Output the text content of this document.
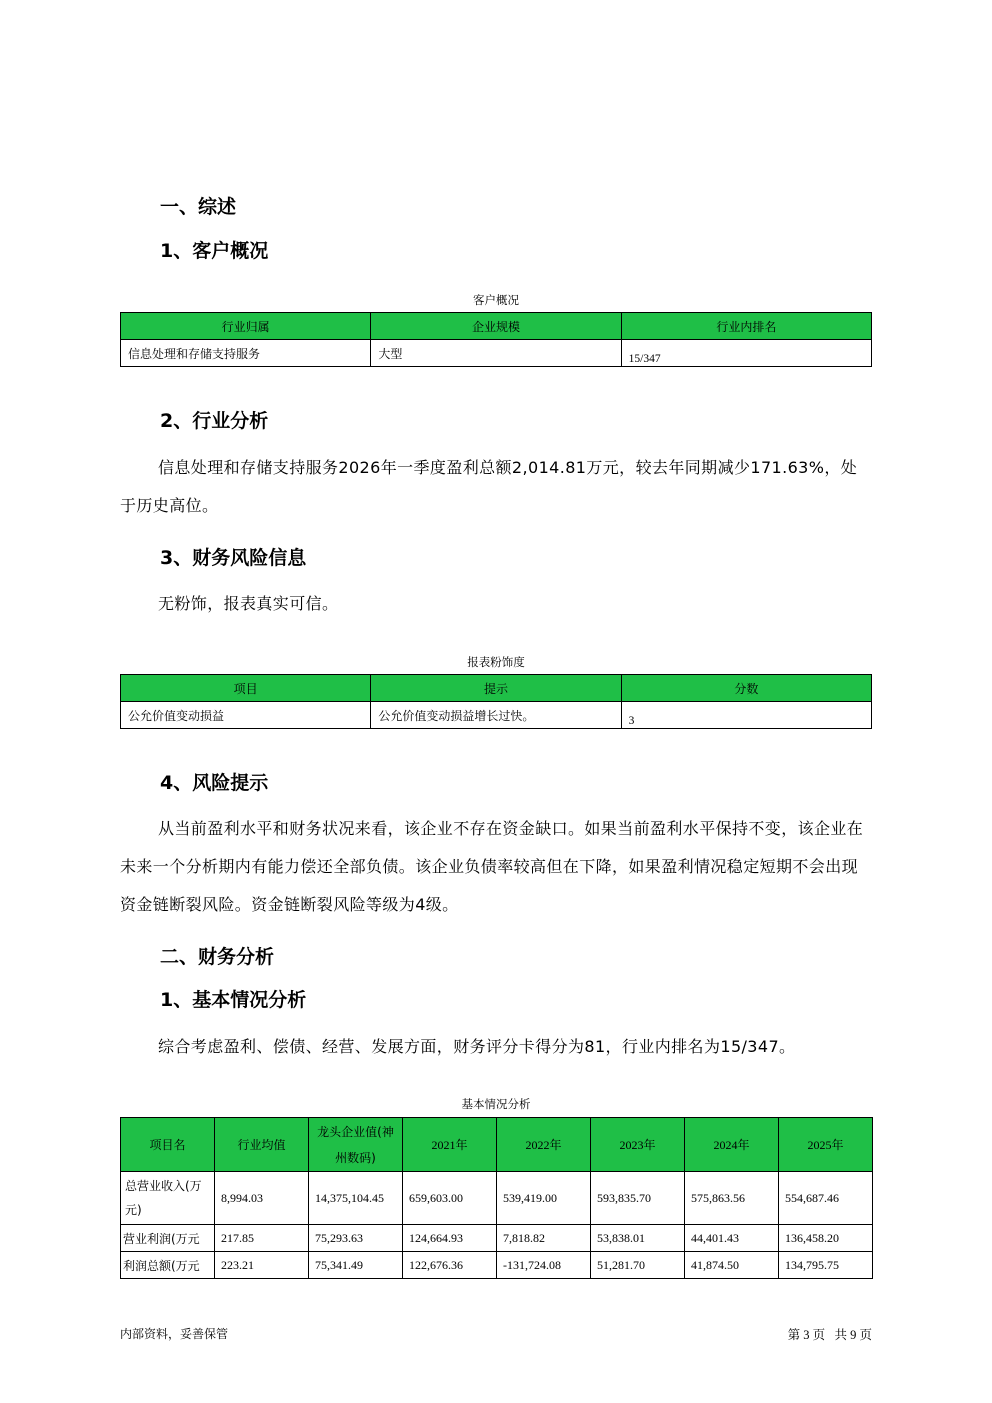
一、综述
1、客户概况
客户概况
行业归属	企业规模	行业内排名
信息处理和存储支持服务	大型	15/347
2、行业分析
信息处理和存储支持服务2026年一季度盈利总额2,014.81万元，较去年同期减少171.63%，处于历史高位。
3、财务风险信息
无粉饰，报表真实可信。
报表粉饰度
项目	提示	分数
公允价值变动损益	公允价值变动损益增长过快。	3
4、风险提示
从当前盈利水平和财务状况来看，该企业不存在资金缺口。如果当前盈利水平保持不变，该企业在未来一个分析期内有能力偿还全部负债。该企业负债率较高但在下降，如果盈利情况稳定短期不会出现资金链断裂风险。资金链断裂风险等级为4级。
二、财务分析
1、基本情况分析
综合考虑盈利、偿债、经营、发展方面，财务评分卡得分为81，行业内排名为15/347。
基本情况分析
项目名	行业均值	龙头企业值(神州数码)	2021年	2022年	2023年	2024年	2025年
总营业收入(万元)	8,994.03	14,375,104.45	659,603.00	539,419.00	593,835.70	575,863.56	554,687.46
营业利润(万元	217.85	75,293.63	124,664.93	7,818.82	53,838.01	44,401.43	136,458.20
利润总额(万元	223.21	75,341.49	122,676.36	-131,724.08	51,281.70	41,874.50	134,795.75
内部资料，妥善保管	第 3 页   共 9 页
